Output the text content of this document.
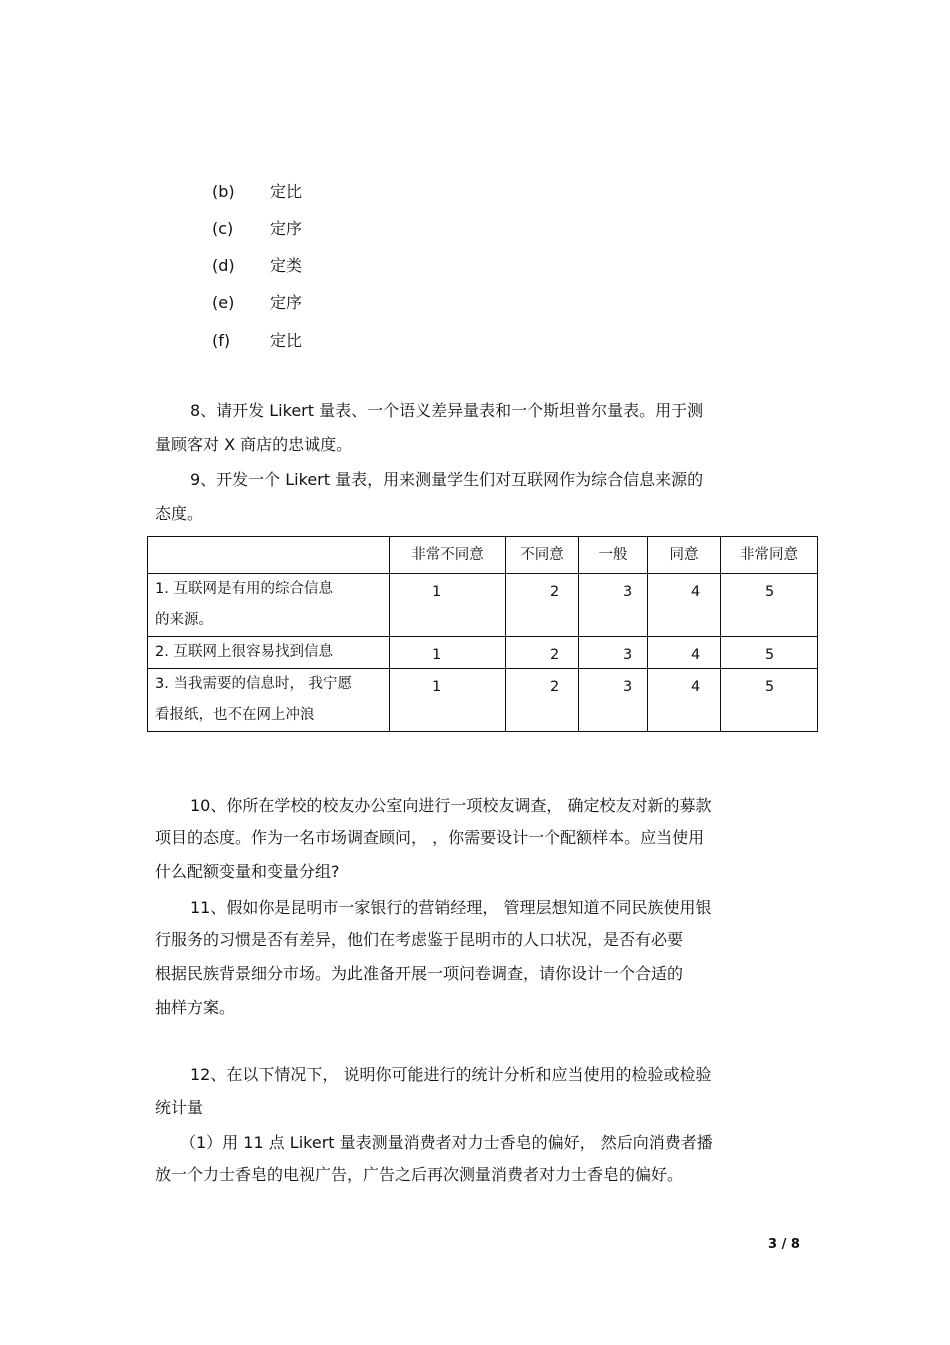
(b) 定比
(c) 定序
(d) 定类
(e) 定序
(f) 定比
8、请开发 Likert 量表、一个语义差异量表和一个斯坦普尔量表。用于测
量顾客对 X 商店的忠诚度。
9、开发一个 Likert 量表，用来测量学生们对互联网作为综合信息来源的
态度。
	非常不同意	不同意	一般	同意	非常同意

1. 互联网是有用的综合信息
的来源。	1	2	3	4	5

2. 互联网上很容易找到信息	1	2	3	4	5

3. 当我需要的信息时， 我宁愿
看报纸，也不在网上冲浪	1	2	3	4	5
10、你所在学校的校友办公室向进行一项校友调查， 确定校友对新的募款
项目的态度。作为一名市场调查顾问， ，你需要设计一个配额样本。应当使用
什么配额变量和变量分组?
11、假如你是昆明市一家银行的营销经理， 管理层想知道不同民族使用银
行服务的习惯是否有差异，他们在考虑鉴于昆明市的人口状况，是否有必要
根据民族背景细分市场。为此准备开展一项问卷调查，请你设计一个合适的
抽样方案。
12、在以下情况下， 说明你可能进行的统计分析和应当使用的检验或检验
统计量
（1）用 11 点 Likert 量表测量消费者对力士香皂的偏好， 然后向消费者播
放一个力士香皂的电视广告，广告之后再次测量消费者对力士香皂的偏好。
3 / 8
